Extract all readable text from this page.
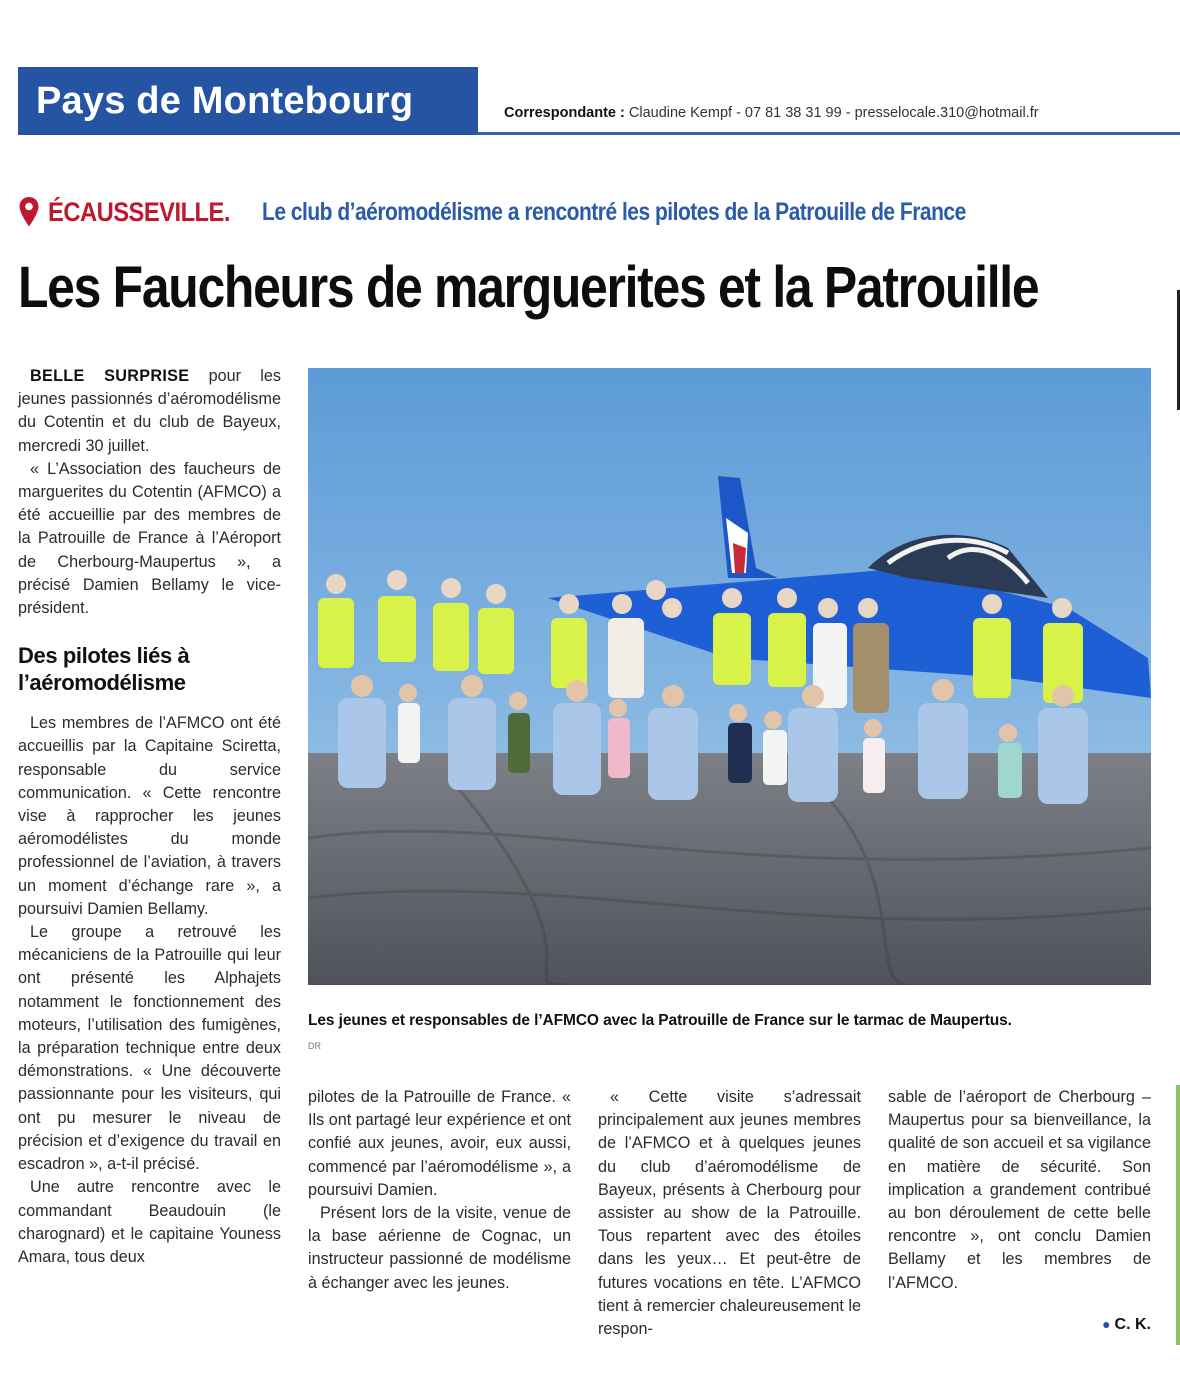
Pays de Montebourg	Correspondante : Claudine Kempf - 07 81 38 31 99 - presselocale.310@hotmail.fr
ÉCAUSSEVILLE. Le club d’aéromodélisme a rencontré les pilotes de la Patrouille de France
Les Faucheurs de marguerites et la Patrouille

BELLE SURPRISE pour les jeunes passionnés d’aéromodélisme du Cotentin et du club de Bayeux, mercredi 30 juillet.

« L’Association des faucheurs de marguerites du Cotentin (AFMCO) a été accueillie par des membres de la Patrouille de France à l’Aéroport de Cherbourg-Maupertus », a précisé Damien Bellamy le vice-président.

Des pilotes liés à l’aéromodélisme

Les membres de l’AFMCO ont été accueillis par la Capitaine Sciretta, responsable du service communication. « Cette rencontre vise à rapprocher les jeunes aéromodélistes du monde professionnel de l’aviation, à travers un moment d’échange rare », a poursuivi Damien Bellamy.

Le groupe a retrouvé les mécaniciens de la Patrouille qui leur ont présenté les Alphajets notamment le fonctionnement des moteurs, l’utilisation des fumigènes, la préparation technique entre deux démonstrations. « Une découverte passionnante pour les visiteurs, qui ont pu mesurer le niveau de précision et d’exigence du travail en escadron », a-t-il précisé.

Une autre rencontre avec le commandant Beaudouin (le charognard) et le capitaine Youness Amara, tous deux

Les jeunes et responsables de l’AFMCO avec la Patrouille de France sur le tarmac de Maupertus.
DR

pilotes de la Patrouille de France. « Ils ont partagé leur expérience et ont confié aux jeunes, avoir, eux aussi, commencé par l’aéromodélisme », a poursuivi Damien.

Présent lors de la visite, venue de la base aérienne de Cognac, un instructeur passionné de modélisme à échanger avec les jeunes.

« Cette visite s’adressait principalement aux jeunes membres de l’AFMCO et à quelques jeunes du club d’aéromodélisme de Bayeux, présents à Cherbourg pour assister au show de la Patrouille. Tous repartent avec des étoiles dans les yeux… Et peut-être de futures vocations en tête. L’AFMCO tient à remercier chaleureusement le respon-

sable de l’aéroport de Cherbourg – Maupertus pour sa bienveillance, la qualité de son accueil et sa vigilance en matière de sécurité. Son implication a grandement contribué au bon déroulement de cette belle rencontre », ont conclu Damien Bellamy et les membres de l’AFMCO.

● C. K.
